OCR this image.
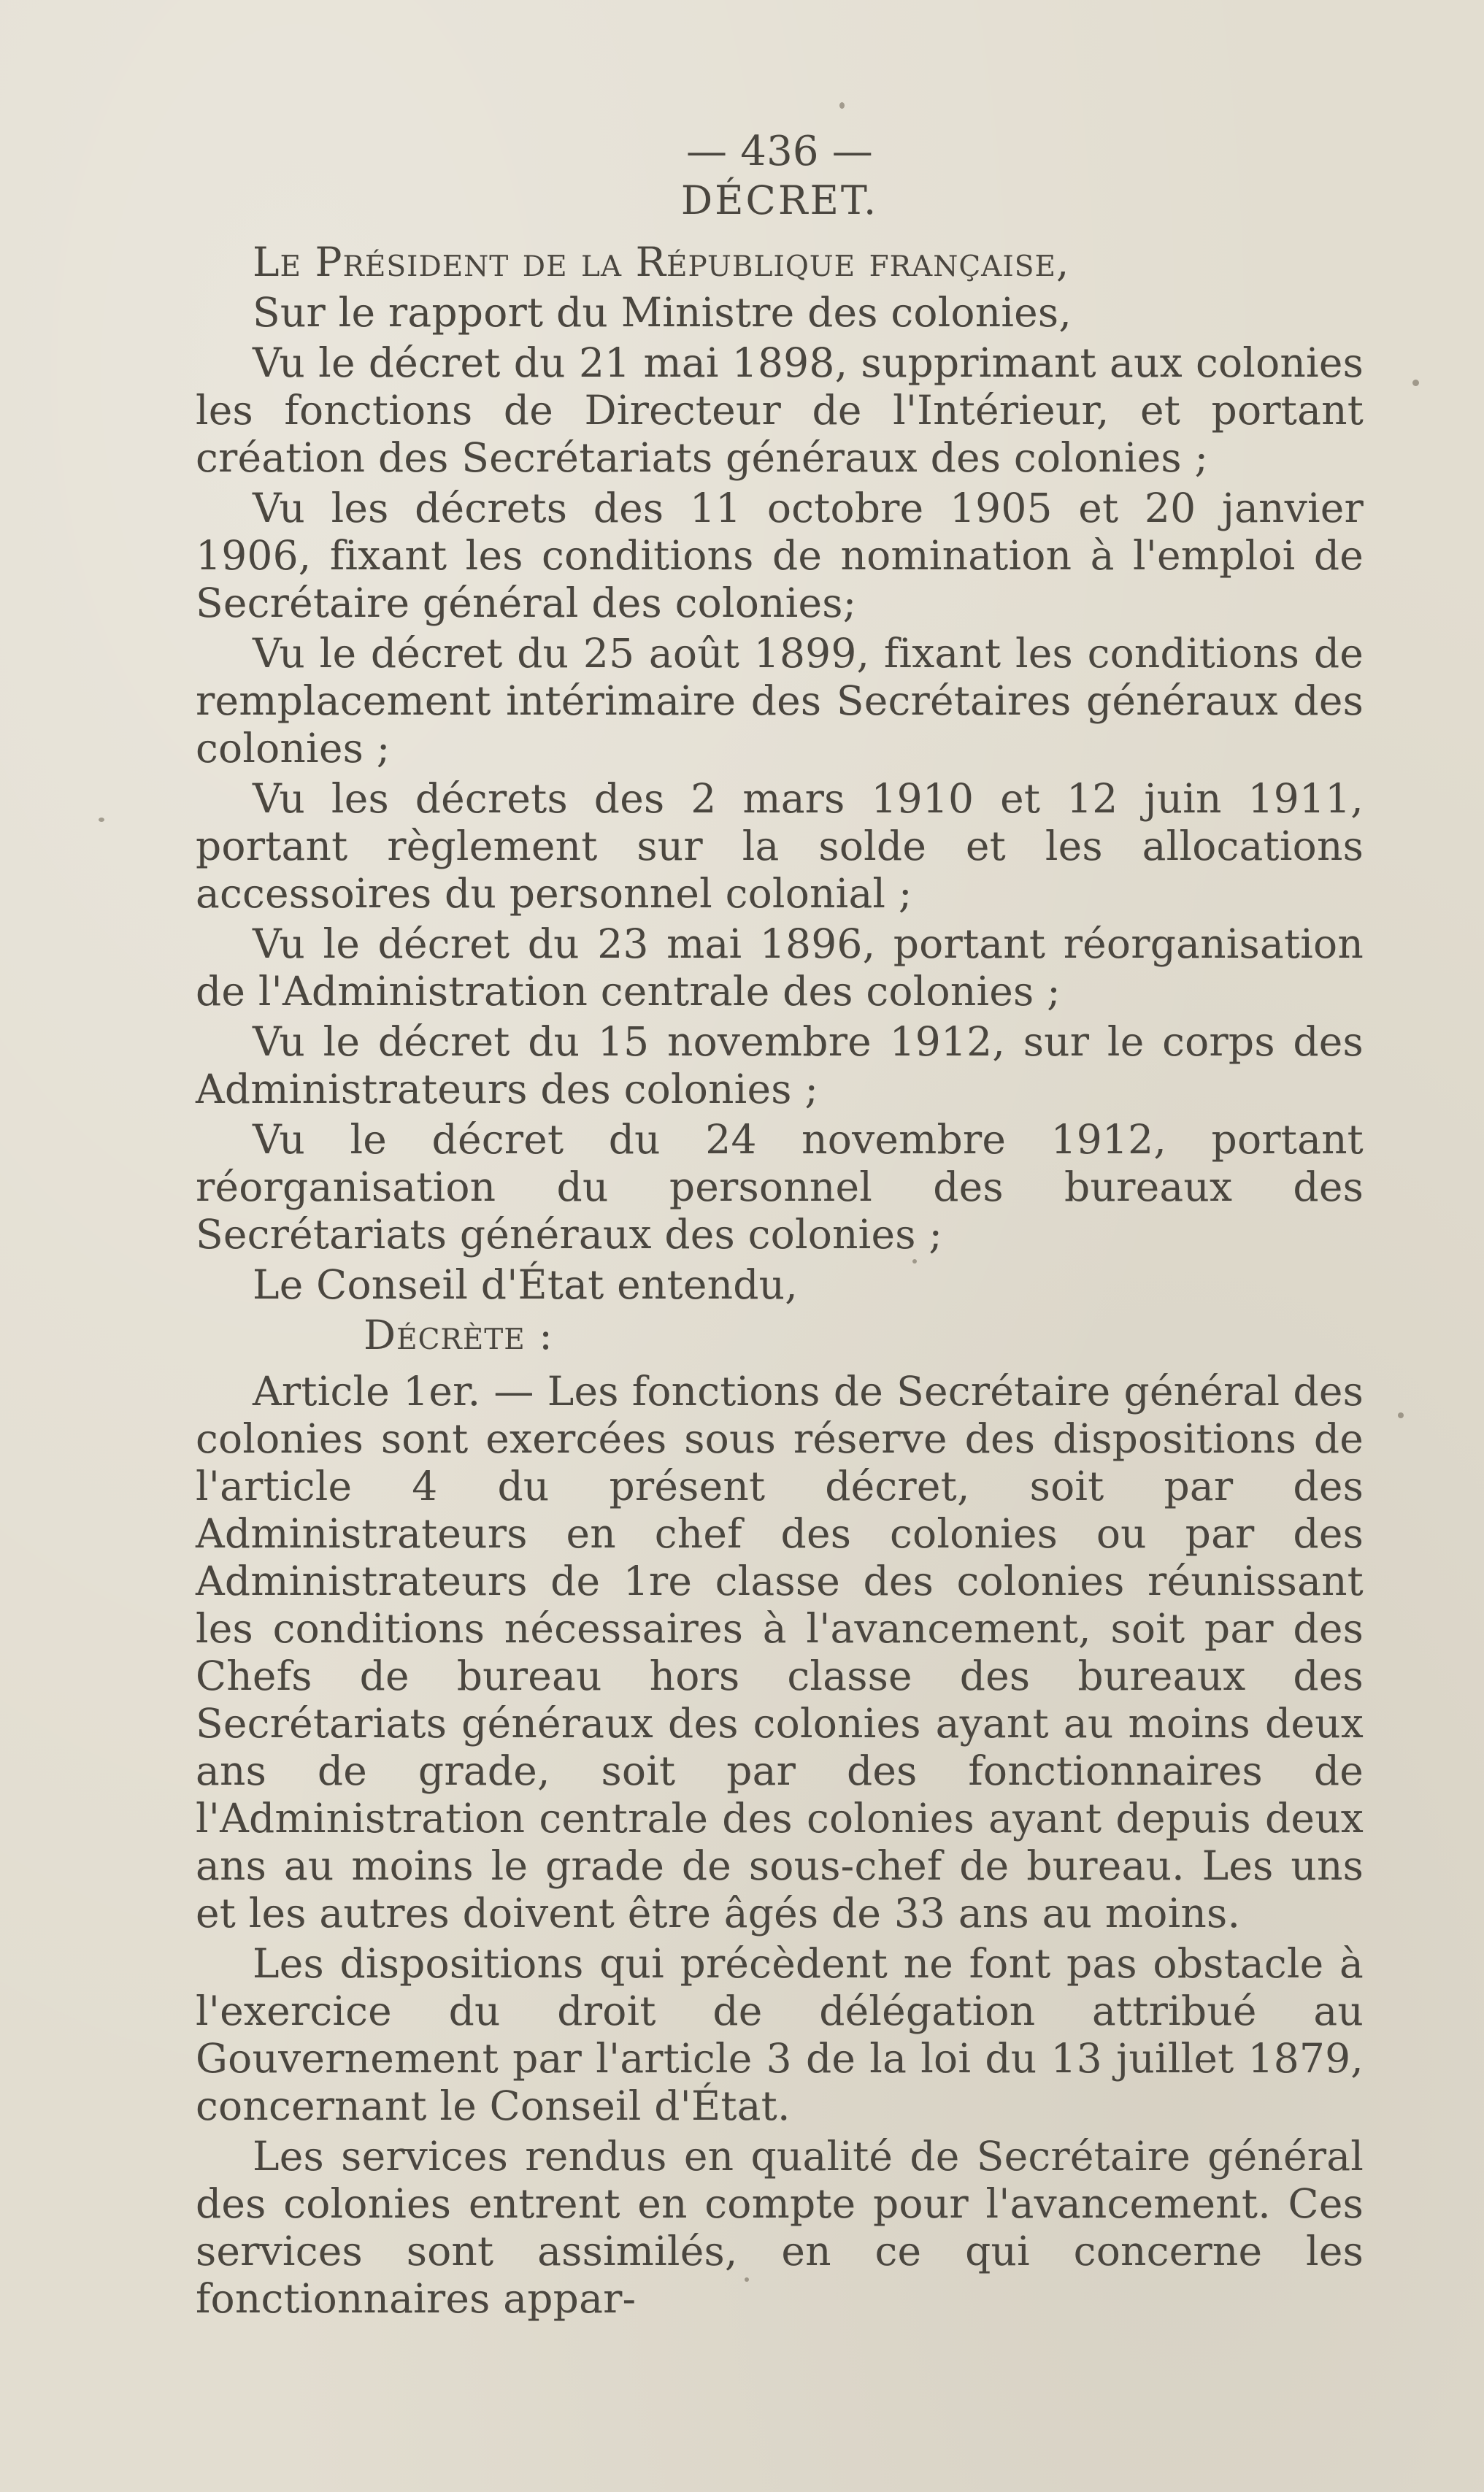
— 436 —
DÉCRET.

Le Président de la République française,

Sur le rapport du Ministre des colonies,

Vu le décret du 21 mai 1898, supprimant aux colonies les fonctions de Directeur de l'Intérieur, et portant création des Secrétariats généraux des colonies ;

Vu les décrets des 11 octobre 1905 et 20 janvier 1906, fixant les conditions de nomination à l'emploi de Secrétaire général des colonies;

Vu le décret du 25 août 1899, fixant les conditions de remplacement intérimaire des Secrétaires généraux des colonies ;

Vu les décrets des 2 mars 1910 et 12 juin 1911, portant règlement sur la solde et les allocations accessoires du personnel colonial ;

Vu le décret du 23 mai 1896, portant réorganisation de l'Administration centrale des colonies ;

Vu le décret du 15 novembre 1912, sur le corps des Administrateurs des colonies ;

Vu le décret du 24 novembre 1912, portant réorganisation du personnel des bureaux des Secrétariats généraux des colonies ;

Le Conseil d'État entendu,

Décrète :

Article 1er. — Les fonctions de Secrétaire général des colonies sont exercées sous réserve des dispositions de l'article 4 du présent décret, soit par des Administrateurs en chef des colonies ou par des Administrateurs de 1re classe des colonies réunissant les conditions nécessaires à l'avancement, soit par des Chefs de bureau hors classe des bureaux des Secrétariats généraux des colonies ayant au moins deux ans de grade, soit par des fonctionnaires de l'Administration centrale des colonies ayant depuis deux ans au moins le grade de sous-chef de bureau. Les uns et les autres doivent être âgés de 33 ans au moins.

Les dispositions qui précèdent ne font pas obstacle à l'exercice du droit de délégation attribué au Gouvernement par l'article 3 de la loi du 13 juillet 1879, concernant le Conseil d'État.

Les services rendus en qualité de Secrétaire général des colonies entrent en compte pour l'avancement. Ces services sont assimilés, en ce qui concerne les fonctionnaires appar-
